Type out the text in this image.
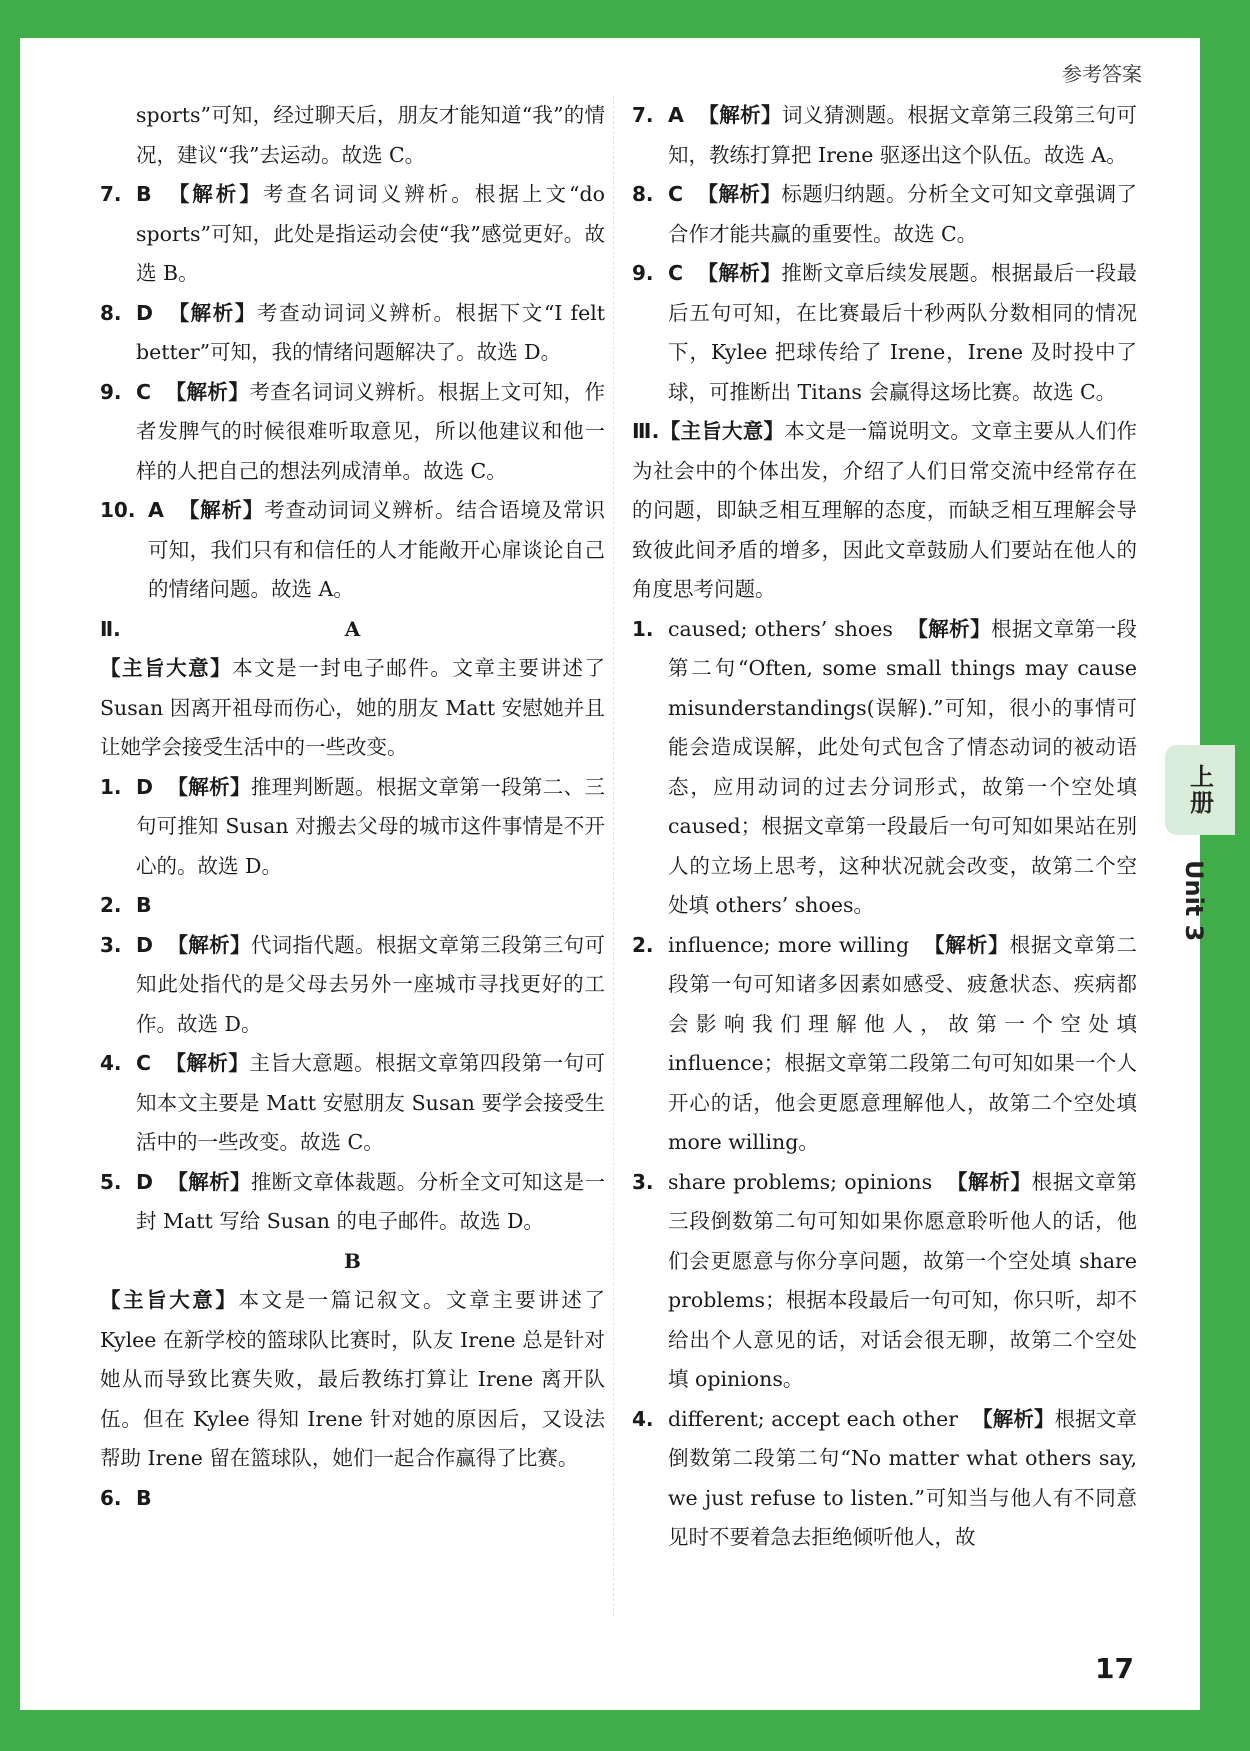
参考答案
上册
Unit 3

sports”可知，经过聊天后，朋友才能知道“我”的情况，建议“我”去运动。故选 C。

7. B 【解析】考查名词词义辨析。根据上文“do sports”可知，此处是指运动会使“我”感觉更好。故选 B。

8. D 【解析】考查动词词义辨析。根据下文“I felt better”可知，我的情绪问题解决了。故选 D。

9. C 【解析】考查名词词义辨析。根据上文可知，作者发脾气的时候很难听取意见，所以他建议和他一样的人把自己的想法列成清单。故选 C。

10. A 【解析】考查动词词义辨析。结合语境及常识可知，我们只有和信任的人才能敞开心扉谈论自己的情绪问题。故选 A。

Ⅱ.	A

【主旨大意】本文是一封电子邮件。文章主要讲述了 Susan 因离开祖母而伤心，她的朋友 Matt 安慰她并且让她学会接受生活中的一些改变。

1. D 【解析】推理判断题。根据文章第一段第二、三句可推知 Susan 对搬去父母的城市这件事情是不开心的。故选 D。

2. B

3. D 【解析】代词指代题。根据文章第三段第三句可知此处指代的是父母去另外一座城市寻找更好的工作。故选 D。

4. C 【解析】主旨大意题。根据文章第四段第一句可知本文主要是 Matt 安慰朋友 Susan 要学会接受生活中的一些改变。故选 C。

5. D 【解析】推断文章体裁题。分析全文可知这是一封 Matt 写给 Susan 的电子邮件。故选 D。

B

【主旨大意】本文是一篇记叙文。文章主要讲述了 Kylee 在新学校的篮球队比赛时，队友 Irene 总是针对她从而导致比赛失败，最后教练打算让 Irene 离开队伍。但在 Kylee 得知 Irene 针对她的原因后，又设法帮助 Irene 留在篮球队，她们一起合作赢得了比赛。

6. B

7. A 【解析】词义猜测题。根据文章第三段第三句可知，教练打算把 Irene 驱逐出这个队伍。故选 A。

8. C 【解析】标题归纳题。分析全文可知文章强调了合作才能共赢的重要性。故选 C。

9. C 【解析】推断文章后续发展题。根据最后一段最后五句可知，在比赛最后十秒两队分数相同的情况下，Kylee 把球传给了 Irene，Irene 及时投中了球，可推断出 Titans 会赢得这场比赛。故选 C。

Ⅲ.【主旨大意】本文是一篇说明文。文章主要从人们作为社会中的个体出发，介绍了人们日常交流中经常存在的问题，即缺乏相互理解的态度，而缺乏相互理解会导致彼此间矛盾的增多，因此文章鼓励人们要站在他人的角度思考问题。

1. caused; others’ shoes 【解析】根据文章第一段第二句“Often, some small things may cause misunderstandings(误解).”可知，很小的事情可能会造成误解，此处句式包含了情态动词的被动语态，应用动词的过去分词形式，故第一个空处填 caused；根据文章第一段最后一句可知如果站在别人的立场上思考，这种状况就会改变，故第二个空处填 others’ shoes。

2. influence; more willing 【解析】根据文章第二段第一句可知诸多因素如感受、疲惫状态、疾病都会影响我们理解他人，故第一个空处填 influence；根据文章第二段第二句可知如果一个人开心的话，他会更愿意理解他人，故第二个空处填 more willing。

3. share problems; opinions 【解析】根据文章第三段倒数第二句可知如果你愿意聆听他人的话，他们会更愿意与你分享问题，故第一个空处填 share problems；根据本段最后一句可知，你只听，却不给出个人意见的话，对话会很无聊，故第二个空处填 opinions。

4. different; accept each other 【解析】根据文章倒数第二段第二句“No matter what others say, we just refuse to listen.”可知当与他人有不同意见时不要着急去拒绝倾听他人，故

17
